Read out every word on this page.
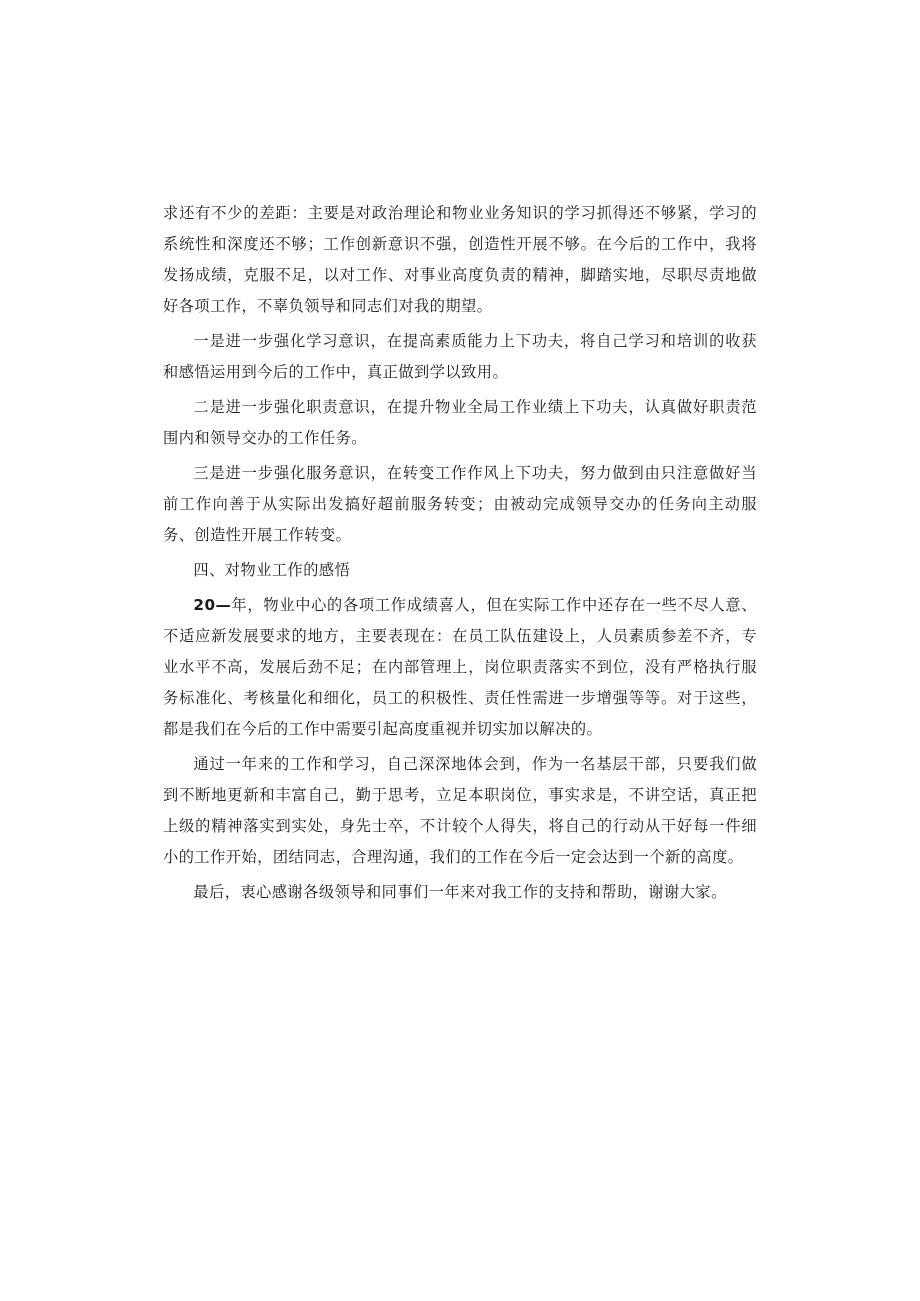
求还有不少的差距：主要是对政治理论和物业业务知识的学习抓得还不够紧，学习的系统性和深度还不够；工作创新意识不强，创造性开展不够。在今后的工作中，我将发扬成绩，克服不足，以对工作、对事业高度负责的精神，脚踏实地，尽职尽责地做好各项工作，不辜负领导和同志们对我的期望。

一是进一步强化学习意识，在提高素质能力上下功夫，将自己学习和培训的收获和感悟运用到今后的工作中，真正做到学以致用。

二是进一步强化职责意识，在提升物业全局工作业绩上下功夫，认真做好职责范围内和领导交办的工作任务。

三是进一步强化服务意识，在转变工作作风上下功夫，努力做到由只注意做好当前工作向善于从实际出发搞好超前服务转变；由被动完成领导交办的任务向主动服务、创造性开展工作转变。

四、对物业工作的感悟

20—年，物业中心的各项工作成绩喜人，但在实际工作中还存在一些不尽人意、不适应新发展要求的地方，主要表现在：在员工队伍建设上，人员素质参差不齐，专业水平不高，发展后劲不足；在内部管理上，岗位职责落实不到位，没有严格执行服务标准化、考核量化和细化，员工的积极性、责任性需进一步增强等等。对于这些，都是我们在今后的工作中需要引起高度重视并切实加以解决的。

通过一年来的工作和学习，自己深深地体会到，作为一名基层干部，只要我们做到不断地更新和丰富自己，勤于思考，立足本职岗位，事实求是，不讲空话，真正把上级的精神落实到实处，身先士卒，不计较个人得失，将自己的行动从干好每一件细小的工作开始，团结同志，合理沟通，我们的工作在今后一定会达到一个新的高度。

最后，衷心感谢各级领导和同事们一年来对我工作的支持和帮助，谢谢大家。
